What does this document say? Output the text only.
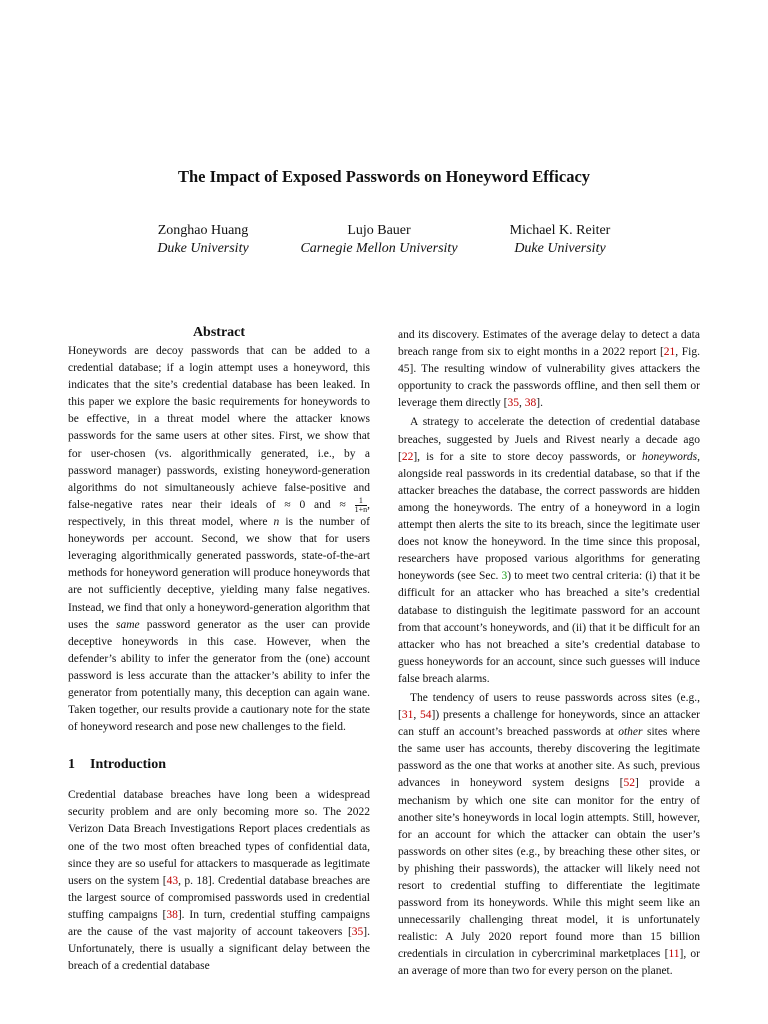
The Impact of Exposed Passwords on Honeyword Efficacy
Zonghao Huang
Duke University
Lujo Bauer
Carnegie Mellon University
Michael K. Reiter
Duke University
Abstract

Honeywords are decoy passwords that can be added to a credential database; if a login attempt uses a honeyword, this indicates that the site’s credential database has been leaked. In this paper we explore the basic requirements for honeywords to be effective, in a threat model where the attacker knows passwords for the same users at other sites. First, we show that for user-chosen (vs. algorithmically generated, i.e., by a password manager) passwords, existing honeyword-generation algorithms do not simultaneously achieve false-positive and false-negative rates near their ideals of ≈ 0 and ≈ $\frac{1}{1+n}$ , respectively, in this threat model, where n is the number of honeywords per account. Second, we show that for users leveraging algorithmically generated passwords, state-of-the-art methods for honeyword generation will produce honeywords that are not sufficiently deceptive, yielding many false negatives. Instead, we find that only a honeyword-generation algorithm that uses the same password generator as the user can provide deceptive honeywords in this case. However, when the defender’s ability to infer the generator from the (one) account password is less accurate than the attacker’s ability to infer the generator from potentially many, this deception can again wane. Taken together, our results provide a cautionary note for the state of honeyword research and pose new challenges to the field.

1 Introduction

Credential database breaches have long been a widespread security problem and are only becoming more so. The 2022 Verizon Data Breach Investigations Report places credentials as one of the two most often breached types of confidential data, since they are so useful for attackers to masquerade as legitimate users on the system [43, p. 18]. Credential database breaches are the largest source of compromised passwords used in credential stuffing campaigns [38]. In turn, credential stuffing campaigns are the cause of the vast majority of account takeovers [35]. Unfortunately, there is usually a significant delay between the breach of a credential database

and its discovery. Estimates of the average delay to detect a data breach range from six to eight months in a 2022 report [21, Fig. 45]. The resulting window of vulnerability gives attackers the opportunity to crack the passwords offline, and then sell them or leverage them directly [35, 38].

A strategy to accelerate the detection of credential database breaches, suggested by Juels and Rivest nearly a decade ago [22], is for a site to store decoy passwords, or honeywords, alongside real passwords in its credential database, so that if the attacker breaches the database, the correct passwords are hidden among the honeywords. The entry of a honeyword in a login attempt then alerts the site to its breach, since the legitimate user does not know the honeyword. In the time since this proposal, researchers have proposed various algorithms for generating honeywords (see Sec. 3) to meet two central criteria: (i) that it be difficult for an attacker who has breached a site’s credential database to distinguish the legitimate password for an account from that account’s honeywords, and (ii) that it be difficult for an attacker who has not breached a site’s credential database to guess honeywords for an account, since such guesses will induce false breach alarms.

The tendency of users to reuse passwords across sites (e.g., [31, 54]) presents a challenge for honeywords, since an attacker can stuff an account’s breached passwords at other sites where the same user has accounts, thereby discovering the legitimate password as the one that works at another site. As such, previous advances in honeyword system designs [52] provide a mechanism by which one site can monitor for the entry of another site’s honeywords in local login attempts. Still, however, for an account for which the attacker can obtain the user’s passwords on other sites (e.g., by breaching these other sites, or by phishing their passwords), the attacker will likely need not resort to credential stuffing to differentiate the legitimate password from its honeywords. While this might seem like an unnecessarily challenging threat model, it is unfortunately realistic: A July 2020 report found more than 15 billion credentials in circulation in cybercriminal marketplaces [11], or an average of more than two for every person on the planet.
